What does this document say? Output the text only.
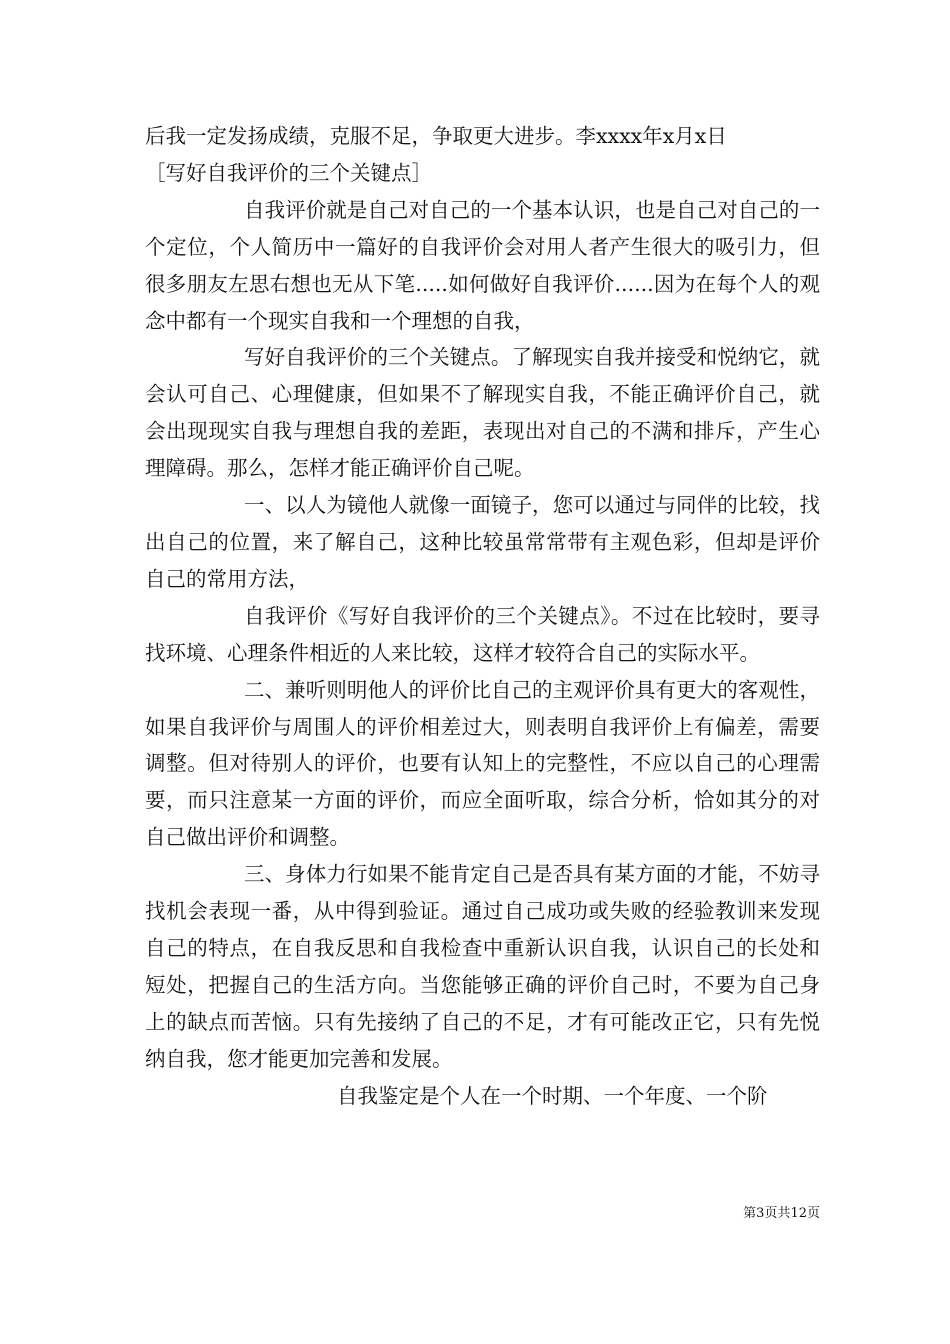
后我一定发扬成绩，克服不足，争取更大进步。李xxxx年x月x日

［写好自我评价的三个关键点］

自我评价就是自己对自己的一个基本认识，也是自己对自己的一个定位，个人简历中一篇好的自我评价会对用人者产生很大的吸引力，但很多朋友左思右想也无从下笔.....如何做好自我评价......因为在每个人的观念中都有一个现实自我和一个理想的自我，

写好自我评价的三个关键点。了解现实自我并接受和悦纳它，就会认可自己、心理健康，但如果不了解现实自我，不能正确评价自己，就会出现现实自我与理想自我的差距，表现出对自己的不满和排斥，产生心理障碍。那么，怎样才能正确评价自己呢。

一、以人为镜他人就像一面镜子，您可以通过与同伴的比较，找出自己的位置，来了解自己，这种比较虽常常带有主观色彩，但却是评价自己的常用方法，

自我评价《写好自我评价的三个关键点》。不过在比较时，要寻找环境、心理条件相近的人来比较，这样才较符合自己的实际水平。

二、兼听则明他人的评价比自己的主观评价具有更大的客观性，如果自我评价与周围人的评价相差过大，则表明自我评价上有偏差，需要调整。但对待别人的评价，也要有认知上的完整性，不应以自己的心理需要，而只注意某一方面的评价，而应全面听取，综合分析，恰如其分的对自己做出评价和调整。

三、身体力行如果不能肯定自己是否具有某方面的才能，不妨寻找机会表现一番，从中得到验证。通过自己成功或失败的经验教训来发现自己的特点，在自我反思和自我检查中重新认识自我，认识自己的长处和短处，把握自己的生活方向。当您能够正确的评价自己时，不要为自己身上的缺点而苦恼。只有先接纳了自己的不足，才有可能改正它，只有先悦纳自我，您才能更加完善和发展。

自我鉴定是个人在一个时期、一个年度、一个阶

第3页共12页
